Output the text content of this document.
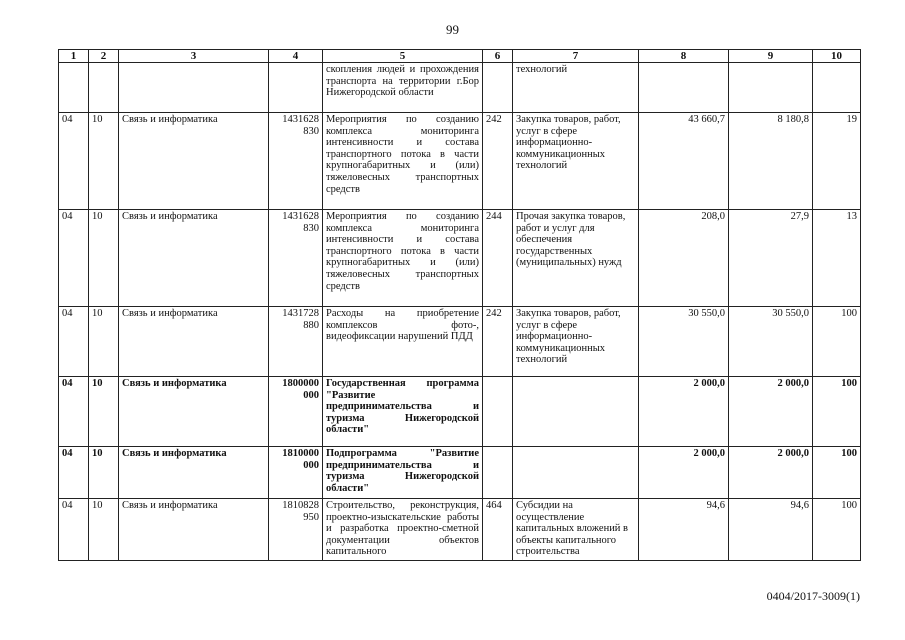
99
1	2	3	4	5	6	7	8	9	10
				скопления людей и прохождения транспорта на территории г.Бор Нижегородской области		технологий			
04	10	Связь и информатика	1431628 830	Мероприятия по созданию комплекса мониторинга интенсивности и состава транспортного потока в части крупногабаритных и (или) тяжеловесных транспортных средств	242	Закупка товаров, работ, услуг в сфере информационно-коммуникационных технологий	43 660,7	8 180,8	19
04	10	Связь и информатика	1431628 830	Мероприятия по созданию комплекса мониторинга интенсивности и состава транспортного потока в части крупногабаритных и (или) тяжеловесных транспортных средств	244	Прочая закупка товаров, работ и услуг для обеспечения государственных (муниципальных) нужд	208,0	27,9	13
04	10	Связь и информатика	1431728 880	Расходы на приобретение комплексов фото-, видеофиксации нарушений ПДД	242	Закупка товаров, работ, услуг в сфере информационно-коммуникационных технологий	30 550,0	30 550,0	100
04	10	Связь и информатика	1800000 000	Государственная программа "Развитие предпринимательства и туризма Нижегородской области"			2 000,0	2 000,0	100
04	10	Связь и информатика	1810000 000	Подпрограмма "Развитие предпринимательства и туризма Нижегородской области"			2 000,0	2 000,0	100
04	10	Связь и информатика	1810828 950	Строительство, реконструкция, проектно-изыскательские работы и разработка проектно-сметной документации объектов капитального	464	Субсидии на осуществление капитальных вложений в объекты капитального строительства	94,6	94,6	100
0404/2017-3009(1)
